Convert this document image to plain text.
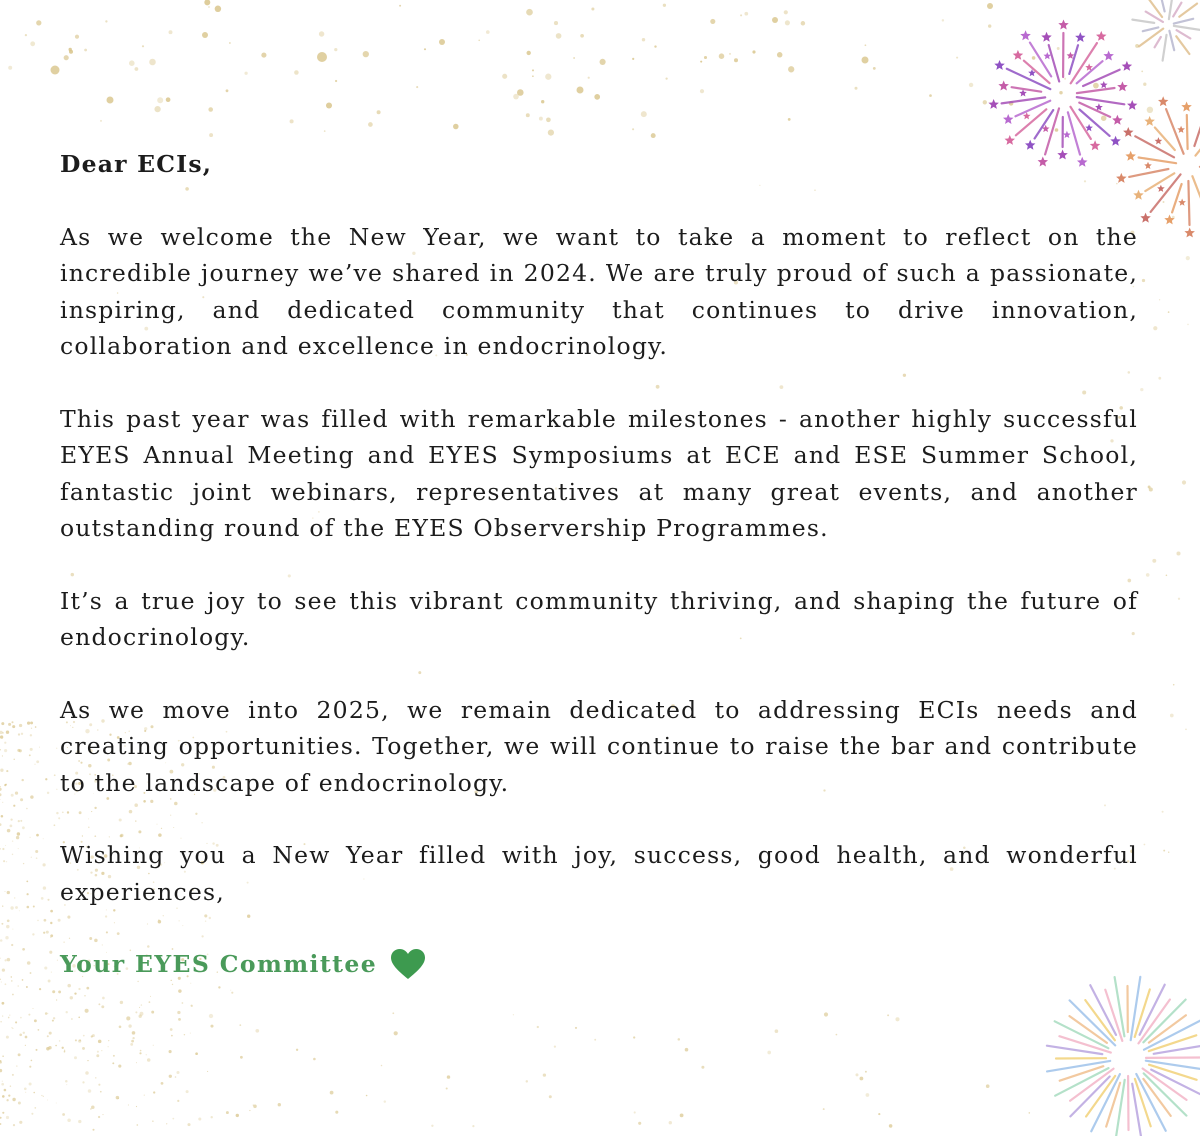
Dear ECIs,

As we welcome the New Year, we want to take a moment to reflect on the incredible journey we’ve shared in 2024. We are truly proud of such a passionate, inspiring, and dedicated community that continues to drive innovation, collaboration and excellence in endocrinology.

This past year was filled with remarkable milestones - another highly successful EYES Annual Meeting and EYES Symposiums at ECE and ESE Summer School, fantastic joint webinars, representatives at many great events, and another outstanding round of the EYES Observership Programmes.

It’s a true joy to see this vibrant community thriving, and shaping the future of endocrinology.

As we move into 2025, we remain dedicated to addressing ECIs needs and creating opportunities. Together, we will continue to raise the bar and contribute to the landscape of endocrinology.

Wishing you a New Year filled with joy, success, good health, and wonderful experiences,

Your EYES Committee
